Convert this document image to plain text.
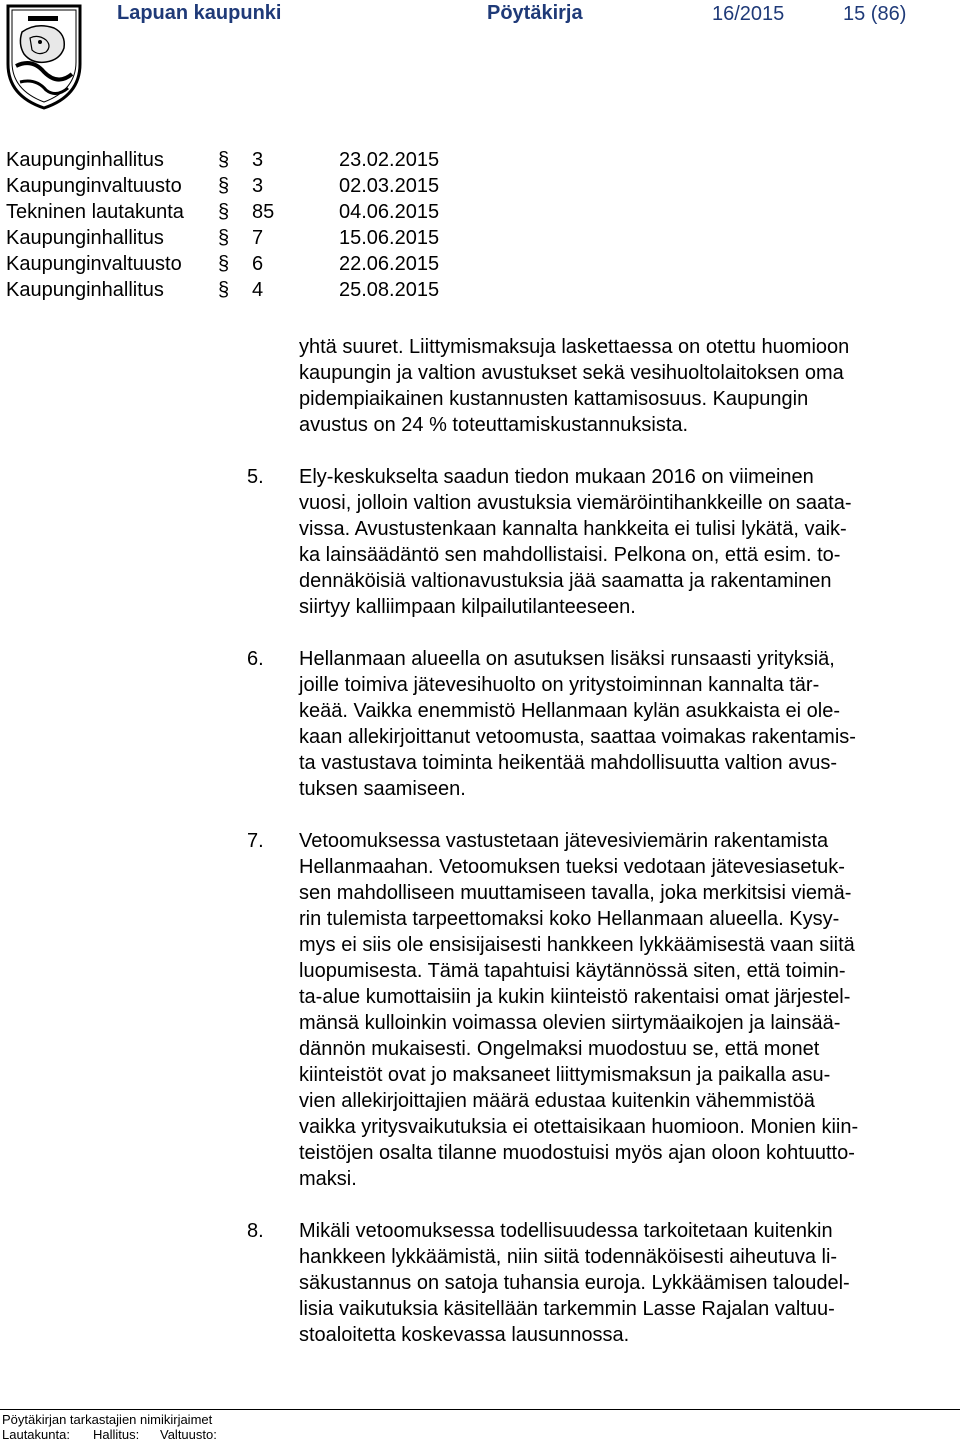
Lapuan kaupunki	Pöytäkirja	16/2015	15 (86)
Kaupunginhallitus	§ 3	23.02.2015
Kaupunginvaltuusto § 3	02.03.2015
Tekninen lautakunta § 85	04.06.2015
Kaupunginhallitus	§ 7	15.06.2015
Kaupunginvaltuusto § 6	22.06.2015
Kaupunginhallitus	§ 4	25.08.2015

yhtä suuret. Liittymismaksuja laskettaessa on otettu huomioon
kaupungin ja valtion avustukset sekä vesihuoltolaitoksen oma
pidempiaikainen kustannusten kattamisosuus. Kaupungin
avustus on 24 % toteuttamiskustannuksista.

5. Ely-keskukselta saadun tiedon mukaan 2016 on viimeinen
vuosi, jolloin valtion avustuksia viemäröintihankkeille on saata-
vissa. Avustustenkaan kannalta hankkeita ei tulisi lykätä, vaik-
ka lainsäädäntö sen mahdollistaisi. Pelkona on, että esim. to-
dennäköisiä valtionavustuksia jää saamatta ja rakentaminen
siirtyy kalliimpaan kilpailutilanteeseen.

6. Hellanmaan alueella on asutuksen lisäksi runsaasti yrityksiä,
joille toimiva jätevesihuolto on yritystoiminnan kannalta tär-
keää. Vaikka enemmistö Hellanmaan kylän asukkaista ei ole-
kaan allekirjoittanut vetoomusta, saattaa voimakas rakentamis-
ta vastustava toiminta heikentää mahdollisuutta valtion avus-
tuksen saamiseen.

7. Vetoomuksessa vastustetaan jätevesiviemärin rakentamista
Hellanmaahan. Vetoomuksen tueksi vedotaan jätevesiasetuk-
sen mahdolliseen muuttamiseen tavalla, joka merkitsisi viemä-
rin tulemista tarpeettomaksi koko Hellanmaan alueella. Kysy-
mys ei siis ole ensisijaisesti hankkeen lykkäämisestä vaan siitä
luopumisesta. Tämä tapahtuisi käytännössä siten, että toimin-
ta-alue kumottaisiin ja kukin kiinteistö rakentaisi omat järjestel-
mänsä kulloinkin voimassa olevien siirtymäaikojen ja lainsää-
dännön mukaisesti. Ongelmaksi muodostuu se, että monet
kiinteistöt ovat jo maksaneet liittymismaksun ja paikalla asu-
vien allekirjoittajien määrä edustaa kuitenkin vähemmistöä
vaikka yritysvaikutuksia ei otettaisikaan huomioon. Monien kiin-
teistöjen osalta tilanne muodostuisi myös ajan oloon kohtuutto-
maksi.

8. Mikäli vetoomuksessa todellisuudessa tarkoitetaan kuitenkin
hankkeen lykkäämistä, niin siitä todennäköisesti aiheutuva li-
säkustannus on satoja tuhansia euroja. Lykkäämisen taloudel-
lisia vaikutuksia käsitellään tarkemmin Lasse Rajalan valtuu-
stoaloitetta koskevassa lausunnossa.

Pöytäkirjan tarkastajien nimikirjaimet
Lautakunta: Hallitus: Valtuusto:
